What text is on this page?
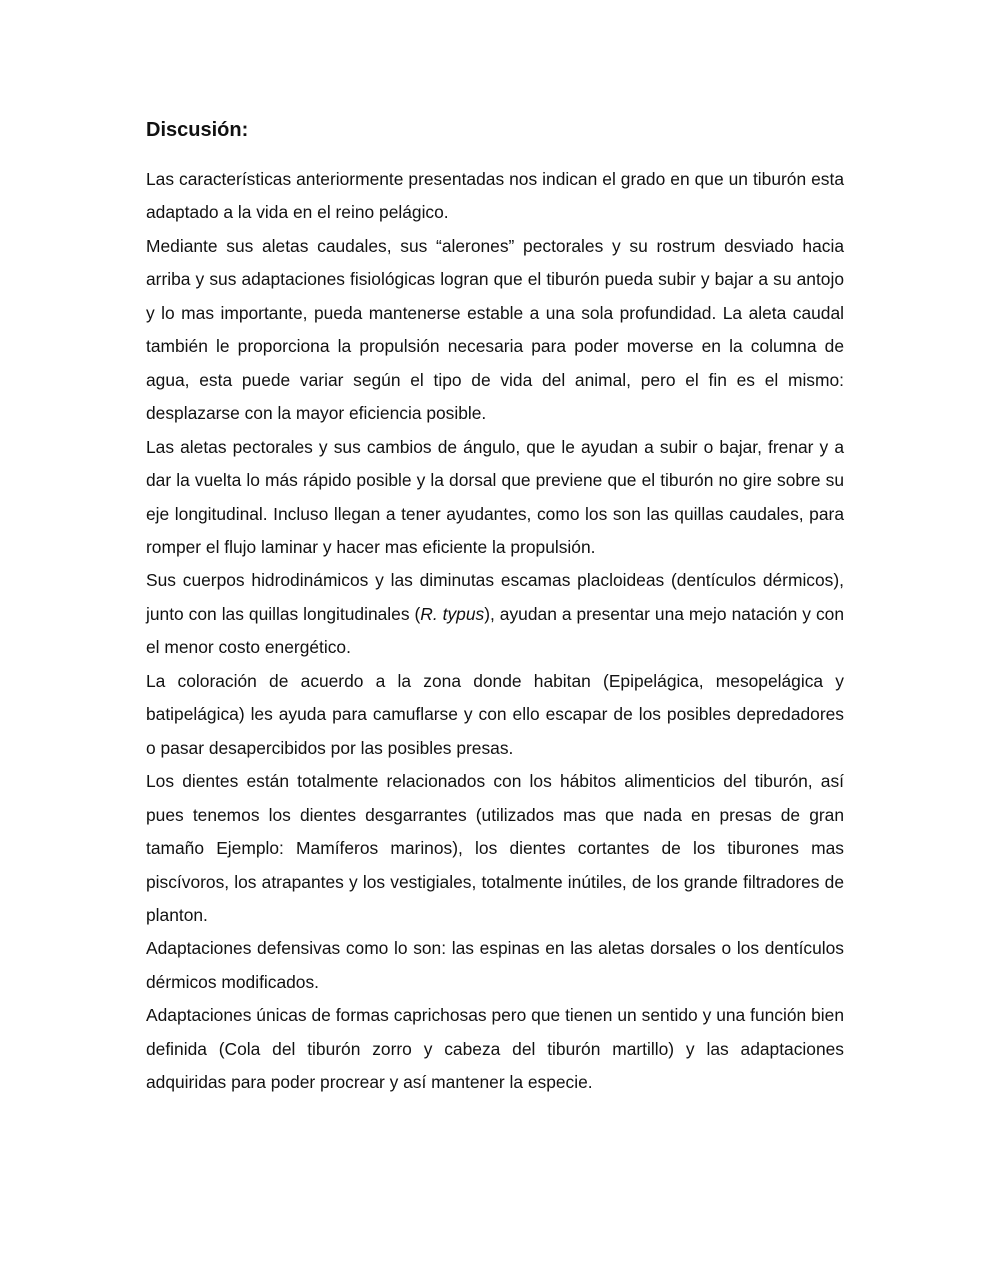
Discusión:

Las características anteriormente presentadas nos indican el grado en que un tiburón esta adaptado a la vida en el reino pelágico.

Mediante sus aletas caudales, sus “alerones” pectorales y su rostrum desviado hacia arriba y sus adaptaciones fisiológicas logran que el tiburón pueda subir y bajar a su antojo y lo mas importante, pueda mantenerse estable a una sola profundidad. La aleta caudal también le proporciona la propulsión necesaria para poder moverse en la columna de agua, esta puede variar según el tipo de vida del animal, pero el fin es el mismo: desplazarse con la mayor eficiencia posible.

Las aletas pectorales y sus cambios de ángulo, que le ayudan a subir o bajar, frenar y a dar la vuelta lo más rápido posible y la dorsal que previene que el tiburón no gire sobre su eje longitudinal. Incluso llegan a tener ayudantes, como los son las quillas caudales, para romper el flujo laminar y hacer mas eficiente la propulsión.

Sus cuerpos hidrodinámicos y las diminutas escamas placloideas (dentículos dérmicos), junto con las quillas longitudinales (R. typus), ayudan a presentar una mejo natación y con el menor costo energético.

La coloración de acuerdo a la zona donde habitan (Epipelágica, mesopelágica y batipelágica) les ayuda para camuflarse y con ello escapar de los posibles depredadores o pasar desapercibidos por las posibles presas.

Los dientes están totalmente relacionados con los hábitos alimenticios del tiburón, así pues tenemos los dientes desgarrantes (utilizados mas que nada en presas de gran tamaño Ejemplo: Mamíferos marinos), los dientes cortantes de los tiburones mas piscívoros, los atrapantes y los vestigiales, totalmente inútiles, de los grande filtradores de planton.

Adaptaciones defensivas como lo son: las espinas en las aletas dorsales o los dentículos dérmicos modificados.

Adaptaciones únicas de formas caprichosas pero que tienen un sentido y una función bien definida (Cola del tiburón zorro y cabeza del tiburón martillo) y las adaptaciones adquiridas para poder procrear y así mantener la especie.
